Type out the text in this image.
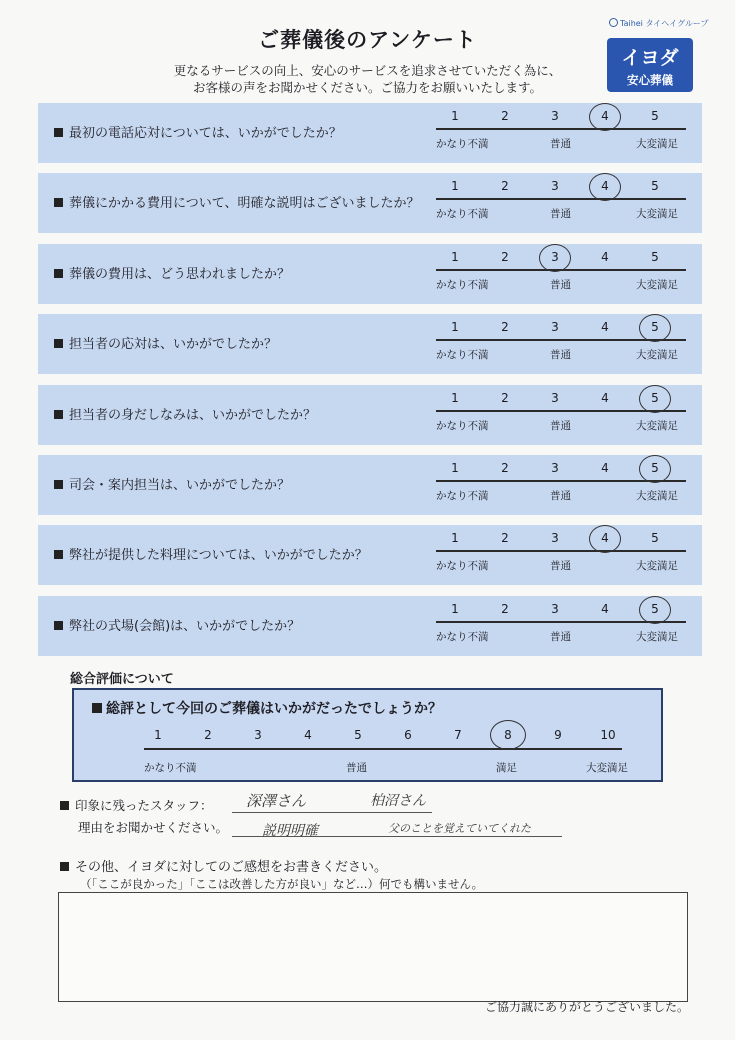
ご葬儀後のアンケート
更なるサービスの向上、安心のサービスを追求させていただく為に、
お客様の声をお聞かせください。ご協力をお願いいたします。
Taihei タイヘイグループ
イヨダ
安心葬儀
最初の電話応対については、いかがでしたか？
1	2	3	4	5
かなり不満	普通	大変満足
葬儀にかかる費用について、明確な説明はございましたか？
1	2	3	4	5
かなり不満	普通	大変満足
葬儀の費用は、どう思われましたか？
1	2	3	4	5
かなり不満	普通	大変満足
担当者の応対は、いかがでしたか？
1	2	3	4	5
かなり不満	普通	大変満足
担当者の身だしなみは、いかがでしたか？
1	2	3	4	5
かなり不満	普通	大変満足
司会・案内担当は、いかがでしたか？
1	2	3	4	5
かなり不満	普通	大変満足
弊社が提供した料理については、いかがでしたか？
1	2	3	4	5
かなり不満	普通	大変満足
弊社の式場(会館)は、いかがでしたか？
1	2	3	4	5
かなり不満	普通	大変満足
総合評価について
総評として今回のご葬儀はいかがだったでしょうか？
かなり不満	普通	満足	大変満足
1	2	3	4	5	6	7	8	9	10
印象に残ったスタッフ： 深澤さん	柏沼さん
理由をお聞かせください。 説明明確	父のことを覚えていてくれた
その他、イヨダに対してのご感想をお書きください。
（「ここが良かった」「ここは改善した方が良い」など…）何でも構いません。
ご協力誠にありがとうございました。
